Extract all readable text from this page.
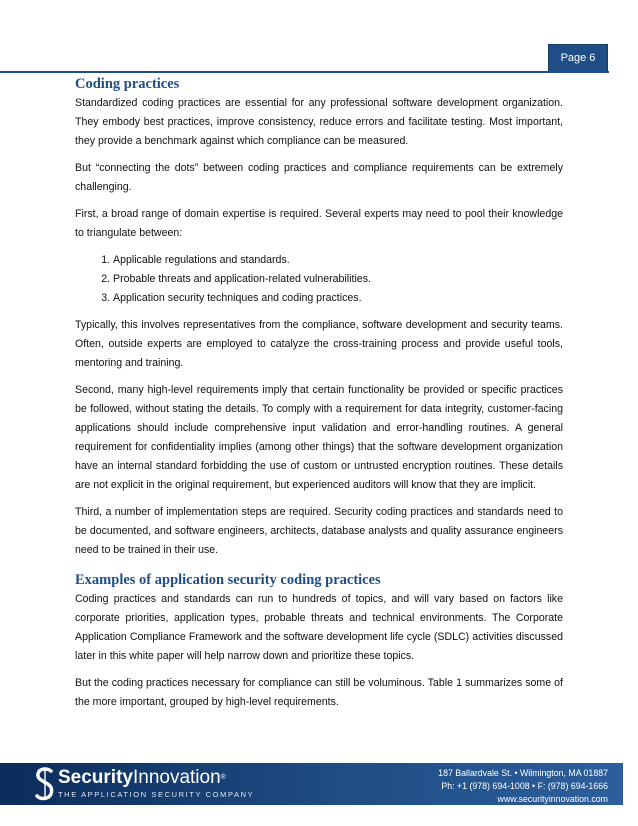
Page 6
Coding practices

Standardized coding practices are essential for any professional software development organization. They embody best practices, improve consistency, reduce errors and facilitate testing. Most important, they provide a benchmark against which compliance can be measured.

But “connecting the dots” between coding practices and compliance requirements can be extremely challenging.

First, a broad range of domain expertise is required. Several experts may need to pool their knowledge to triangulate between:

1. Applicable regulations and standards.
2. Probable threats and application-related vulnerabilities.
3. Application security techniques and coding practices.

Typically, this involves representatives from the compliance, software development and security teams. Often, outside experts are employed to catalyze the cross-training process and provide useful tools, mentoring and training.

Second, many high-level requirements imply that certain functionality be provided or specific practices be followed, without stating the details. To comply with a requirement for data integrity, customer-facing applications should include comprehensive input validation and error-handling routines. A general requirement for confidentiality implies (among other things) that the software development organization have an internal standard forbidding the use of custom or untrusted encryption routines. These details are not explicit in the original requirement, but experienced auditors will know that they are implicit.

Third, a number of implementation steps are required. Security coding practices and standards need to be documented, and software engineers, architects, database analysts and quality assurance engineers need to be trained in their use.

Examples of application security coding practices

Coding practices and standards can run to hundreds of topics, and will vary based on factors like corporate priorities, application types, probable threats and technical environments. The Corporate Application Compliance Framework and the software development life cycle (SDLC) activities discussed later in this white paper will help narrow down and prioritize these topics.

But the coding practices necessary for compliance can still be voluminous. Table 1 summarizes some of the more important, grouped by high-level requirements.

SecurityInnovation®
THE APPLICATION SECURITY COMPANY
187 Ballardvale St. • Wilmington, MA 01887
Ph: +1 (978) 694-1008 • F: (978) 694-1666
www.securityinnovation.com
